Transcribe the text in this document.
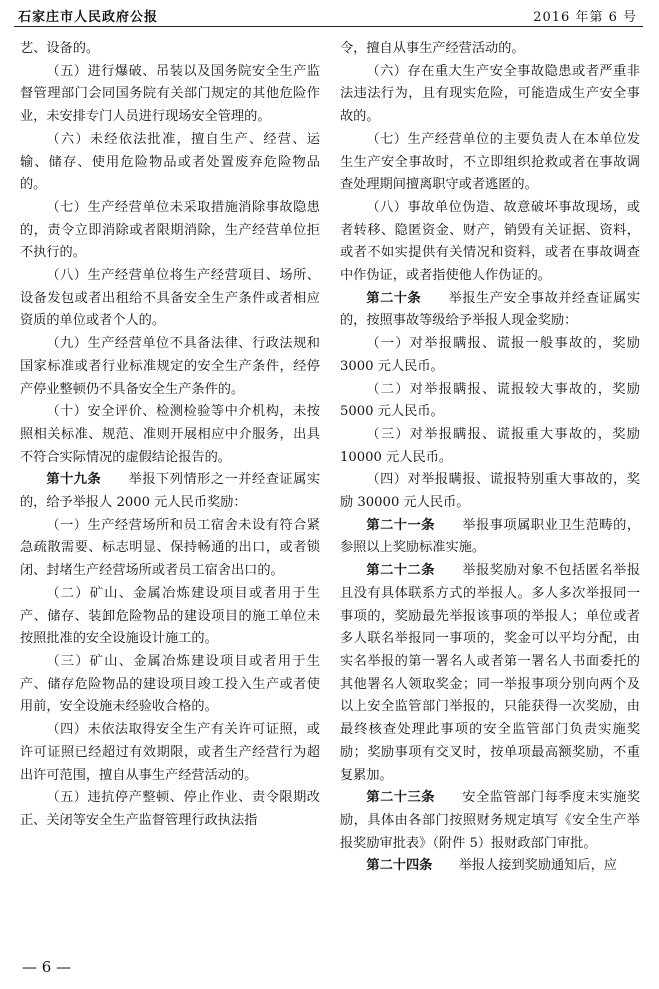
石家庄市人民政府公报	2016 年第 6 号

艺、设备的。

（五）进行爆破、吊装以及国务院安全生产监督管理部门会同国务院有关部门规定的其他危险作业，未安排专门人员进行现场安全管理的。

（六）未经依法批准，擅自生产、经营、运输、储存、使用危险物品或者处置废弃危险物品的。

（七）生产经营单位未采取措施消除事故隐患的，责令立即消除或者限期消除，生产经营单位拒不执行的。

（八）生产经营单位将生产经营项目、场所、设备发包或者出租给不具备安全生产条件或者相应资质的单位或者个人的。

（九）生产经营单位不具备法律、行政法规和国家标准或者行业标准规定的安全生产条件，经停产停业整顿仍不具备安全生产条件的。

（十）安全评价、检测检验等中介机构，未按照相关标准、规范、准则开展相应中介服务，出具不符合实际情况的虚假结论报告的。

第十九条　　 举报下列情形之一并经查证属实的，给予举报人 2000 元人民币奖励：

（一）生产经营场所和员工宿舍未设有符合紧急疏散需要、标志明显、保持畅通的出口，或者锁闭、封堵生产经营场所或者员工宿舍出口的。

（二）矿山、金属冶炼建设项目或者用于生产、储存、装卸危险物品的建设项目的施工单位未按照批准的安全设施设计施工的。

（三）矿山、金属冶炼建设项目或者用于生产、储存危险物品的建设项目竣工投入生产或者使用前，安全设施未经验收合格的。

（四）未依法取得安全生产有关许可证照，或许可证照已经超过有效期限，或者生产经营行为超出许可范围，擅自从事生产经营活动的。

（五）违抗停产整顿、停止作业、责令限期改正、关闭等安全生产监督管理行政执法指

令，擅自从事生产经营活动的。

（六）存在重大生产安全事故隐患或者严重非法违法行为，且有现实危险，可能造成生产安全事故的。

（七）生产经营单位的主要负责人在本单位发生生产安全事故时，不立即组织抢救或者在事故调查处理期间擅离职守或者逃匿的。

（八）事故单位伪造、故意破坏事故现场，或者转移、隐匿资金、财产，销毁有关证据、资料，或者不如实提供有关情况和资料，或者在事故调查中作伪证，或者指使他人作伪证的。

第二十条　　 举报生产安全事故并经查证属实的，按照事故等级给予举报人现金奖励：

（一）对举报瞒报、谎报一般事故的，奖励 3000 元人民币。

（二）对举报瞒报、谎报较大事故的，奖励 5000 元人民币。

（三）对举报瞒报、谎报重大事故的，奖励 10000 元人民币。

（四）对举报瞒报、谎报特别重大事故的，奖励 30000 元人民币。

第二十一条　　 举报事项属职业卫生范畴的，参照以上奖励标准实施。

第二十二条　　 举报奖励对象不包括匿名举报且没有具体联系方式的举报人。多人多次举报同一事项的，奖励最先举报该事项的举报人；单位或者多人联名举报同一事项的，奖金可以平均分配，由实名举报的第一署名人或者第一署名人书面委托的其他署名人领取奖金；同一举报事项分别向两个及以上安全监管部门举报的，只能获得一次奖励，由最终核查处理此事项的安全监管部门负责实施奖励；奖励事项有交叉时，按单项最高额奖励，不重复累加。

第二十三条　　 安全监管部门每季度末实施奖励，具体由各部门按照财务规定填写《安全生产举报奖励审批表》（附件 5）报财政部门审批。

第二十四条　　 举报人接到奖励通知后，应

— 6 —
